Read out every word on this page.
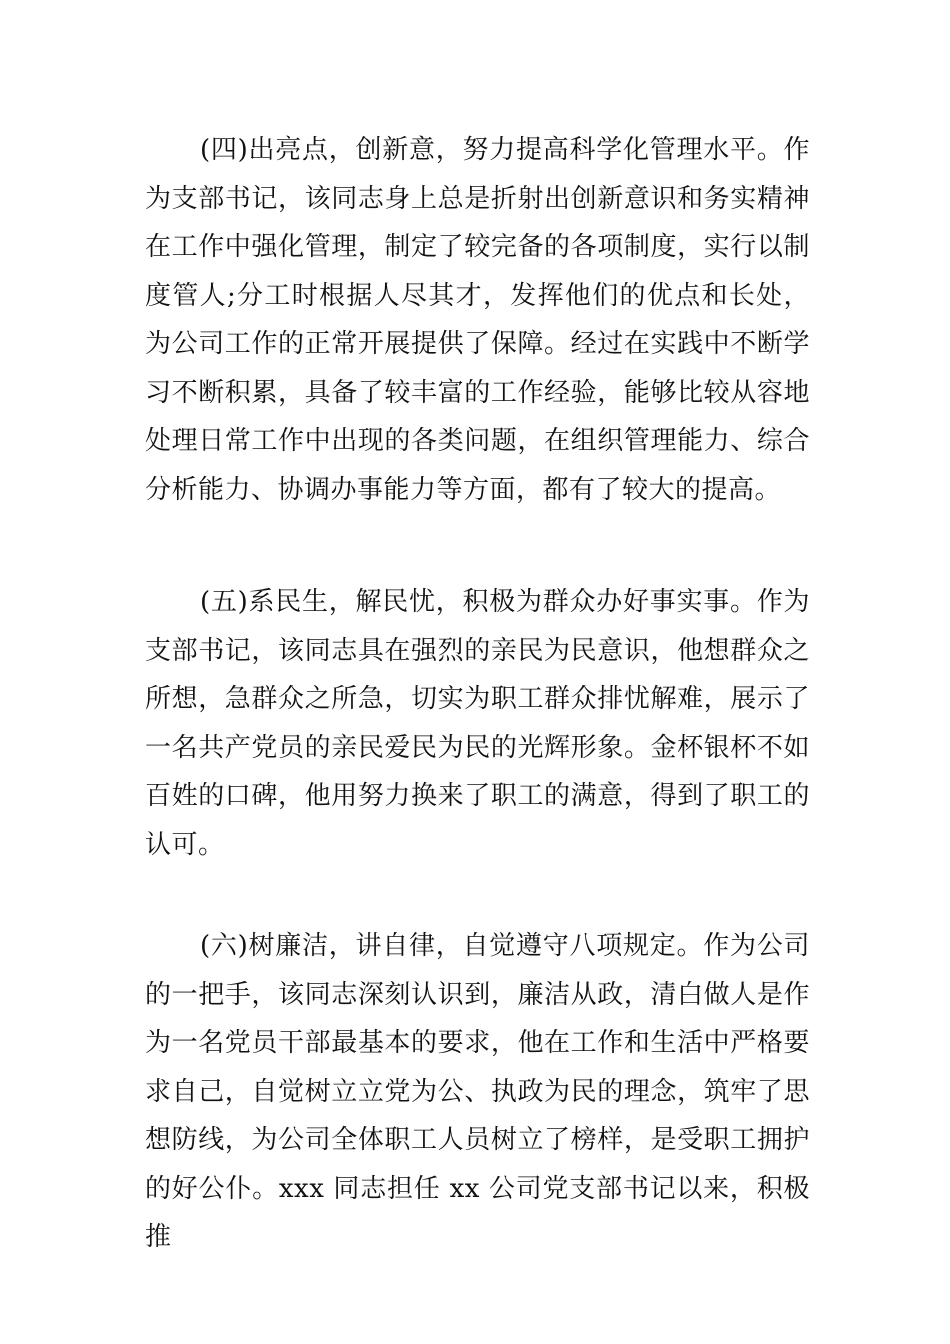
(四)出亮点，创新意，努力提高科学化管理水平。作为支部书记，该同志身上总是折射出创新意识和务实精神在工作中强化管理，制定了较完备的各项制度，实行以制度管人;分工时根据人尽其才，发挥他们的优点和长处，为公司工作的正常开展提供了保障。经过在实践中不断学习不断积累，具备了较丰富的工作经验，能够比较从容地处理日常工作中出现的各类问题，在组织管理能力、综合分析能力、协调办事能力等方面，都有了较大的提高。

(五)系民生，解民忧，积极为群众办好事实事。作为支部书记，该同志具在强烈的亲民为民意识，他想群众之所想，急群众之所急，切实为职工群众排忧解难，展示了一名共产党员的亲民爱民为民的光辉形象。金杯银杯不如百姓的口碑，他用努力换来了职工的满意，得到了职工的认可。

(六)树廉洁，讲自律，自觉遵守八项规定。作为公司的一把手，该同志深刻认识到，廉洁从政，清白做人是作为一名党员干部最基本的要求，他在工作和生活中严格要求自己，自觉树立立党为公、执政为民的理念，筑牢了思想防线，为公司全体职工人员树立了榜样，是受职工拥护的好公仆。xxx 同志担任 xx 公司党支部书记以来，积极推
